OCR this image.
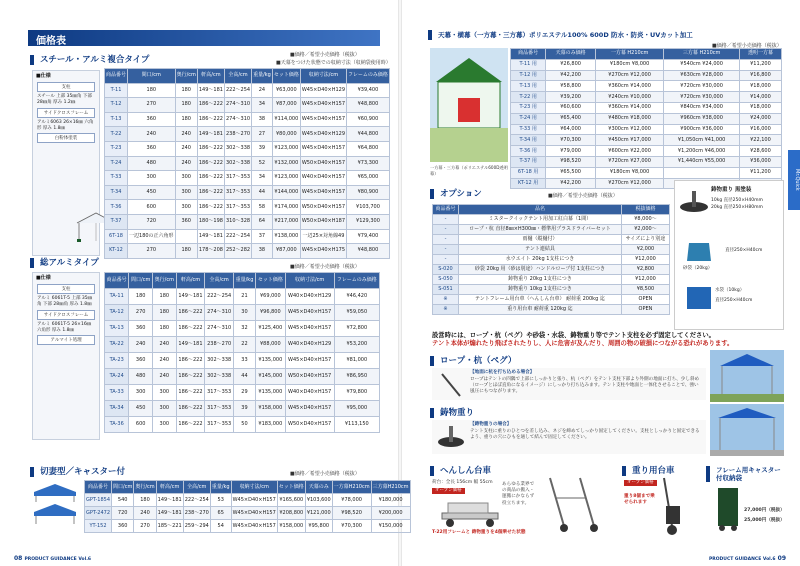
価格表
スチール・アルミ複合タイプ	■価格／希望小売価格（税抜）
■天幕をつけた状態での収納寸法（収納袋使用時）
■仕様
支柱
スチール 上部 35㎜角 下部 28㎜角 厚み 1.2㎜
サイドクロスフレーム
アルミ6063 26×16㎜ 六角形 厚み 1.8㎜
白粉体塗装
商品番号	間口/cm	奥行/cm	軒高/cm	全高/cm	重量/kg	セット価格	収納寸法/cm	フレームのみ価格
T-11	180	180	149〜181	222〜254	24	¥63,000	W45×D40×H129	¥39,400
T-12	270	180	186〜222	274〜310	34	¥87,000	W45×D40×H157	¥48,800
T-13	360	180	186〜222	274〜310	38	¥114,000	W45×D40×H157	¥60,900
T-22	240	240	149〜181	238〜270	27	¥80,000	W45×D40×H129	¥44,800
T-23	360	240	186〜222	302〜338	39	¥123,000	W45×D40×H157	¥64,800
T-24	480	240	186〜222	302〜338	52	¥132,000	W50×D40×H157	¥73,300
T-33	300	300	186〜222	317〜353	34	¥123,000	W40×D40×H157	¥65,000
T-34	450	300	186〜222	317〜353	44	¥144,000	W45×D40×H157	¥80,900
T-36	600	300	186〜222	317〜353	58	¥174,000	W50×D40×H157	¥103,700
T-37	720	360	180〜198	310〜328	64	¥217,000	W50×D40×H187	¥129,300
6T-18	一辺180の正六角形		149〜181	222〜254	37	¥138,000	一辺25×対角線49	¥79,400
KT-12	270	180	178〜208	252〜282	38	¥87,000	W45×D40×H175	¥48,800
総アルミタイプ	■価格／希望小売価格（税抜）
■仕様
支柱
アルミ 6061T-5 上部 35㎜角 下部 28㎜角 厚み 1.8㎜
サイドクロスフレーム
アルミ 6061T-5 26×16㎜ 六角形 厚み 1.8㎜
アルマイト処理
商品番号	間口/cm	奥行/cm	軒高/cm	全高/cm	重量/kg	セット価格	収納寸法/cm	フレームのみ価格
TA-11	180	180	149〜181	222〜254	21	¥69,000	W40×D40×H129	¥46,420
TA-12	270	180	186〜222	274〜310	30	¥96,800	W45×D40×H157	¥59,050
TA-13	360	180	186〜222	274〜310	32	¥125,400	W45×D40×H157	¥72,800
TA-22	240	240	149〜181	238〜270	22	¥88,000	W40×D40×H129	¥53,200
TA-23	360	240	186〜222	302〜338	33	¥135,000	W45×D40×H157	¥81,000
TA-24	480	240	186〜222	302〜338	44	¥145,000	W50×D40×H157	¥86,950
TA-33	300	300	186〜222	317〜353	29	¥135,000	W40×D40×H157	¥79,800
TA-34	450	300	186〜222	317〜353	39	¥158,000	W45×D40×H157	¥95,000
TA-36	600	300	186〜222	317〜353	50	¥183,000	W50×D40×H157	¥113,150
切妻型／キャスター付	■価格／希望小売価格（税抜）
商品番号	間口/cm	奥行/cm	軒高/cm	全高/cm	重量/kg	収納寸法/cm	セット価格	天幕のみ	一方幕H210cm	三方幕H210cm
GPT-1854	540	180	149〜181	222〜254	53	W45×D40×H157	¥165,600	¥103,600	¥78,000	¥180,000
GPT-2472	720	240	149〜181	238〜270	65	W45×D40×H157	¥208,800	¥121,000	¥98,520	¥200,000
YT-152	360	270	185〜221	259〜294	54	W45×D40×H157	¥158,000	¥95,800	¥70,300	¥150,000
08 PRODUCT GUIDANCE Vol.6
天幕・横幕（一方幕・三方幕）ポリエステル100% 600D 防水・防炎・UVカット加工
■価格／希望小売価格（税抜）
一方幕・三方幕（ポリエステル600D透明幕）
商品番号	天幕のみ価格	一方幕 H210cm	三方幕 H210cm	透明一方幕
T-11 用	¥26,800	¥180cm ¥8,000	¥540cm ¥24,000	¥11,200
T-12 用	¥42,200	¥270cm ¥12,000	¥630cm ¥28,000	¥16,800
T-13 用	¥58,800	¥360cm ¥14,000	¥720cm ¥30,000	¥18,000
T-22 用	¥39,200	¥240cm ¥10,000	¥720cm ¥30,000	¥14,000
T-23 用	¥60,600	¥360cm ¥14,000	¥840cm ¥34,000	¥18,000
T-24 用	¥65,400	¥480cm ¥18,000	¥960cm ¥38,000	¥24,000
T-33 用	¥64,000	¥300cm ¥12,000	¥900cm ¥36,000	¥16,000
T-34 用	¥70,300	¥450cm ¥17,000	¥1,050cm ¥41,000	¥22,100
T-36 用	¥79,000	¥600cm ¥22,000	¥1,200cm ¥46,000	¥28,600
T-37 用	¥98,520	¥720cm ¥27,000	¥1,440cm ¥55,000	¥36,000
6T-18 用	¥65,500	¥180cm ¥8,000		¥11,200
KT-12 用	¥42,200	¥270cm ¥12,000		
オプション	■価格／希望小売価格（税抜）
商品番号	品名	税抜価格
-	ミスタークイックテント用加工紅白幕（1間）	¥8,000〜
-	ロープ・杭 直径8㎜×H300㎜・標準用プラスドライバーセット	¥2,000〜
-	雨樋（縦樋付）	サイズにより別途
-	テント連結具	¥2,000
-	水ウエイト 20kg 1支柱につき	¥12,000
S-020	砂袋 20kg 用（砂は別途）ハンドルロープ付 1支柱につき	¥2,800
S-050	鋳物重り 20kg 1支柱につき	¥12,000
S-051	鋳物重り 10kg 1支柱につき	¥8,500
※	テントフレーム用台車（へんしん台車） 耐荷重 200kg 迄	OPEN
※	重り用台車 耐荷重 120kg 迄	OPEN
鋳物重り 黒塗装
10kg 直径250×H40mm
20kg 直径250×H80mm
砂袋（20kg）
直径250×H40cm
水袋（10kg）
直径250×H40cm
設営時には、ロープ・杭（ペグ）や砂袋・水袋、鋳物重り等でテント支柱を必ず固定してください。
テント本体が煽れたり飛ばされたりし、人に危害が及んだり、周囲の物の破損につながる恐れがあります。
ロープ・杭（ペグ）
【地面に杭を打ち込める場合】
ロープはテントの四隅で上部にしっかりと張り、杭（ペグ）をテント支柱下部より外側の地面に打ち、少し斜め（ロープとほぼ直角になるイメージ）にしっかり打ち込みます。テント支柱や地面と一体化させることで、強い風圧にもつながります。
鋳物重り
【鋳物重りの場合】
テント支柱に重りのひとつを差し込み、ネジを締めてしっかり固定してください。支柱としっかりと固定できるよう、重りの穴にひもを通して結んで固定してください。
へんしん台車
荷台：全長 156cm 幅 55cm
オープン価格
あらゆる業界での商品の搬入・運搬にかならず役立ちます。
T-22用フレームと 鋳物重りを4個乗せた状態
重り用台車
オープン価格
重り8個まで乗せられます
フレーム用キャスター付収納袋
27,000円（税抜）
25,000円（税抜）
Mr.Quick
PRODUCT GUIDANCE Vol.6 09
